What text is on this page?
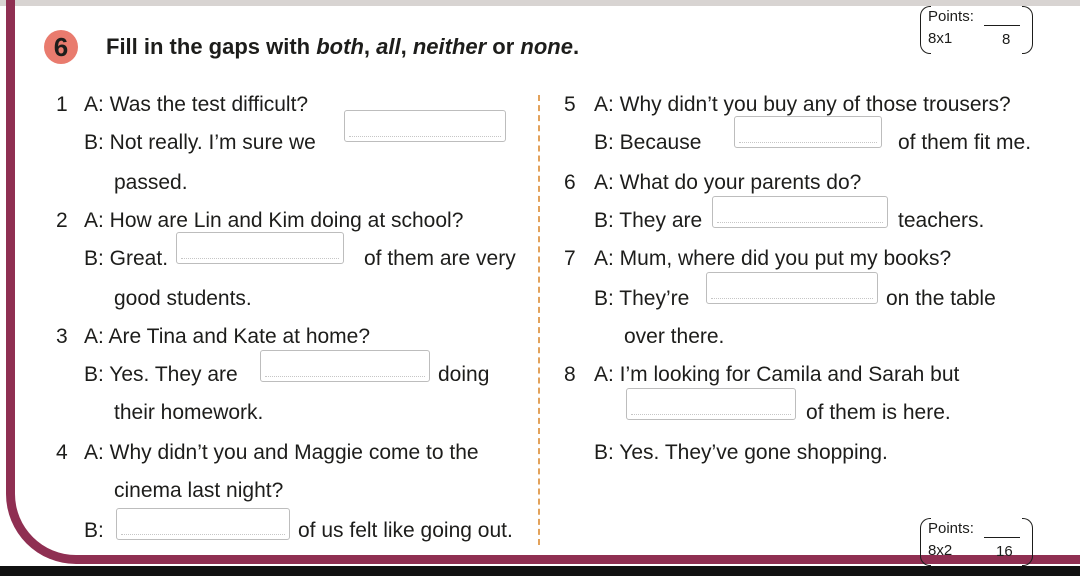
6	Fill in the gaps with both, all, neither or none.
Points:
8x1	8
Points:
8x2	16
1 A: Was the test difficult?
B: Not really. I’m sure we
passed.
2 A: How are Lin and Kim doing at school?
B: Great.	of them are very
good students.
3 A: Are Tina and Kate at home?
B: Yes. They are	doing
their homework.
4 A: Why didn’t you and Maggie come to the
cinema last night?
B:	of us felt like going out.
5 A: Why didn’t you buy any of those trousers?
B: Because	of them fit me.
6 A: What do your parents do?
B: They are	teachers.
7 A: Mum, where did you put my books?
B: They’re	on the table
over there.
8 A: I’m looking for Camila and Sarah but
of them is here.
B: Yes. They’ve gone shopping.
